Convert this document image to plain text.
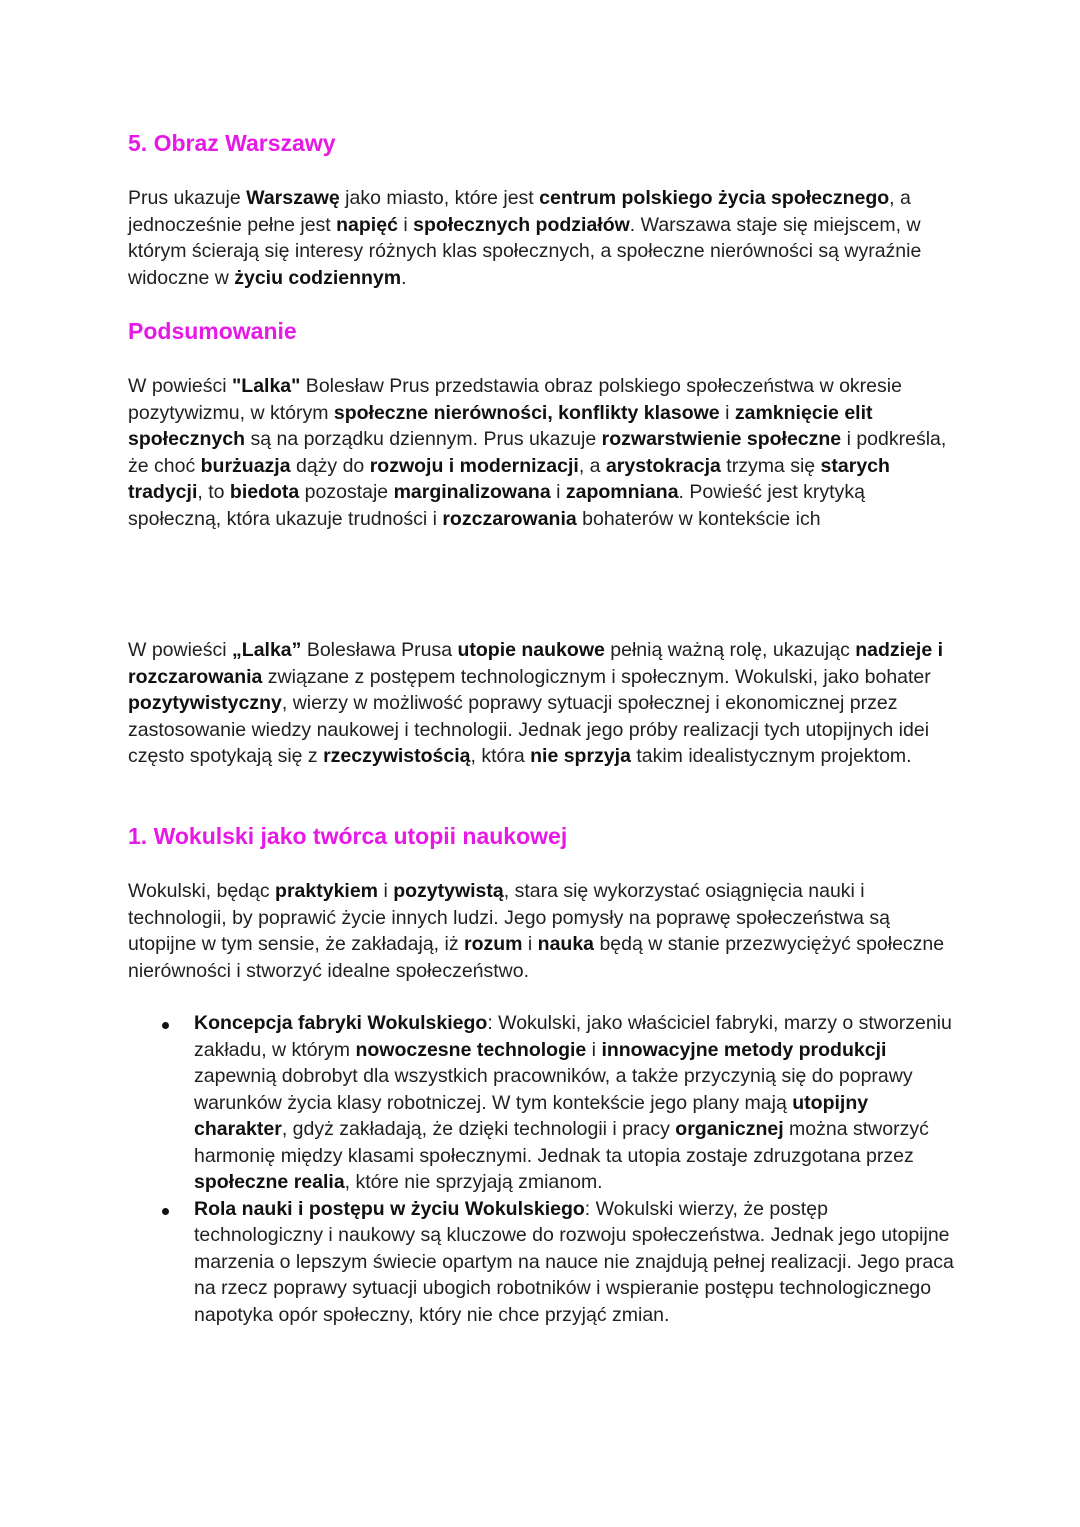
5. Obraz Warszawy

Prus ukazuje Warszawę jako miasto, które jest centrum polskiego życia społecznego, a jednocześnie pełne jest napięć i społecznych podziałów. Warszawa staje się miejscem, w którym ścierają się interesy różnych klas społecznych, a społeczne nierówności są wyraźnie widoczne w życiu codziennym.

Podsumowanie

W powieści "Lalka" Bolesław Prus przedstawia obraz polskiego społeczeństwa w okresie pozytywizmu, w którym społeczne nierówności, konflikty klasowe i zamknięcie elit społecznych są na porządku dziennym. Prus ukazuje rozwarstwienie społeczne i podkreśla, że choć burżuazja dąży do rozwoju i modernizacji, a arystokracja trzyma się starych tradycji, to biedota pozostaje marginalizowana i zapomniana. Powieść jest krytyką społeczną, która ukazuje trudności i rozczarowania bohaterów w kontekście ich

W powieści „Lalka” Bolesława Prusa utopie naukowe pełnią ważną rolę, ukazując nadzieje i rozczarowania związane z postępem technologicznym i społecznym. Wokulski, jako bohater pozytywistyczny, wierzy w możliwość poprawy sytuacji społecznej i ekonomicznej przez zastosowanie wiedzy naukowej i technologii. Jednak jego próby realizacji tych utopijnych idei często spotykają się z rzeczywistością, która nie sprzyja takim idealistycznym projektom.

1. Wokulski jako twórca utopii naukowej

Wokulski, będąc praktykiem i pozytywistą, stara się wykorzystać osiągnięcia nauki i technologii, by poprawić życie innych ludzi. Jego pomysły na poprawę społeczeństwa są utopijne w tym sensie, że zakładają, iż rozum i nauka będą w stanie przezwyciężyć społeczne nierówności i stworzyć idealne społeczeństwo.

Koncepcja fabryki Wokulskiego: Wokulski, jako właściciel fabryki, marzy o stworzeniu zakładu, w którym nowoczesne technologie i innowacyjne metody produkcji zapewnią dobrobyt dla wszystkich pracowników, a także przyczynią się do poprawy warunków życia klasy robotniczej. W tym kontekście jego plany mają utopijny charakter, gdyż zakładają, że dzięki technologii i pracy organicznej można stworzyć harmonię między klasami społecznymi. Jednak ta utopia zostaje zdruzgotana przez społeczne realia, które nie sprzyjają zmianom.
Rola nauki i postępu w życiu Wokulskiego: Wokulski wierzy, że postęp technologiczny i naukowy są kluczowe do rozwoju społeczeństwa. Jednak jego utopijne marzenia o lepszym świecie opartym na nauce nie znajdują pełnej realizacji. Jego praca na rzecz poprawy sytuacji ubogich robotników i wspieranie postępu technologicznego napotyka opór społeczny, który nie chce przyjąć zmian.
